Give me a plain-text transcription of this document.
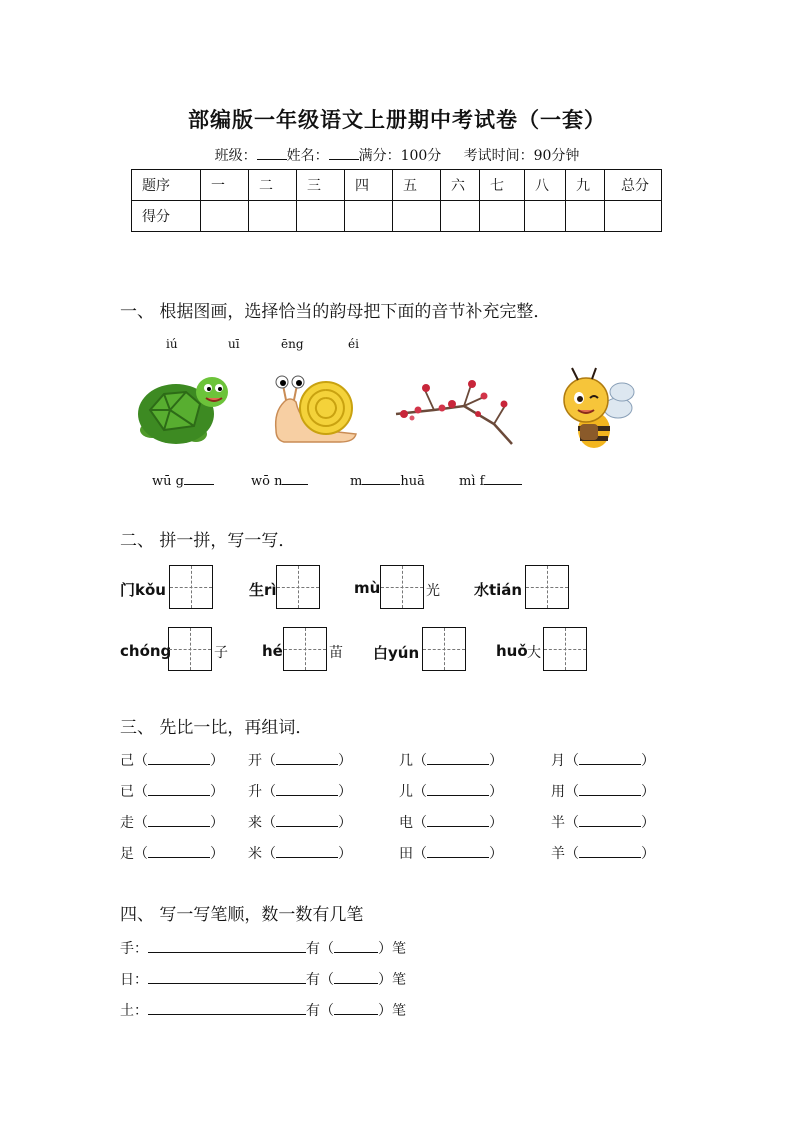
部编版一年级语文上册期中考试卷（一套）
班级： 姓名： 满分：100分 考试时间：90分钟
题序	一	二	三	四	五	六	七	八	九	总分
得分										
一、 根据图画，选择恰当的韵母把下面的音节补充完整．
iú	uī	ēng	éi
wū g	wō n	m	huā	mì f
二、 拼一拼，写一写．
门kǒu	生rì	mù	光 水tián
chóng	子 hé	苗 白yún	huǒ 大
三、 先比一比，再组词．
己（	） 开（	）	几（	）	月（	）
已（	） 升（	）	儿（	）	用（	）
走（	） 来（	）	电（	）	半（	）
足（	） 米（	）	田（	）	羊（	）
四、 写一写笔顺，数一数有几笔
手：	有（	）笔
日：	有（	）笔
土：	有（	）笔
